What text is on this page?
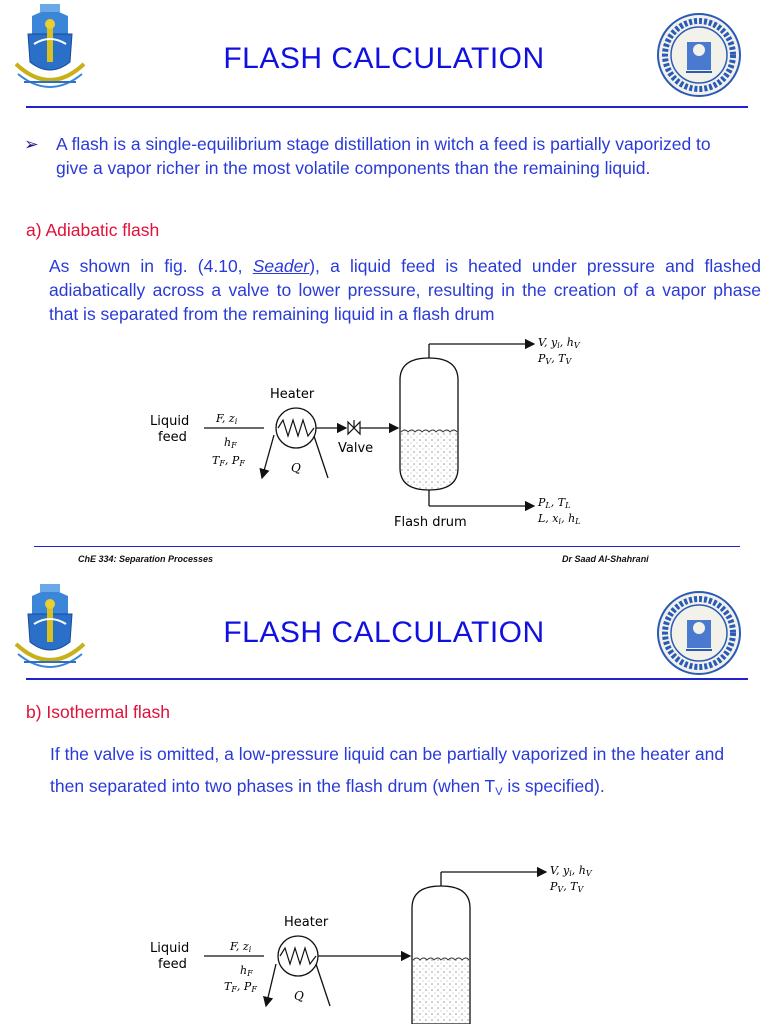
FLASH CALCULATION
➢ A flash is a single-equilibrium stage distillation in witch a feed is partially vaporized to give a vapor richer in the most volatile components than the remaining liquid.
a) Adiabatic flash
As shown in fig. (4.10, Seader), a liquid feed is heated under pressure and flashed adiabatically across a valve to lower pressure, resulting in the creation of a vapor phase that is separated from the remaining liquid in a flash drum
Liquid
feed
Heater
Valve
Flash drum
Q
F, zi
hF
TF, PF
V, yi, hV
PV, TV
PL, TL
L, xi, hL
ChE 334: Separation Processes	Dr Saad Al-Shahrani
FLASH CALCULATION
b) Isothermal flash
If the valve is omitted, a low-pressure liquid can be partially vaporized in the heater and then separated into two phases in the flash drum (when $T_V$ is specified).
Liquid
feed
Heater
Q
F, zi
hF
TF, PF
V, yi, hV
PV, TV
